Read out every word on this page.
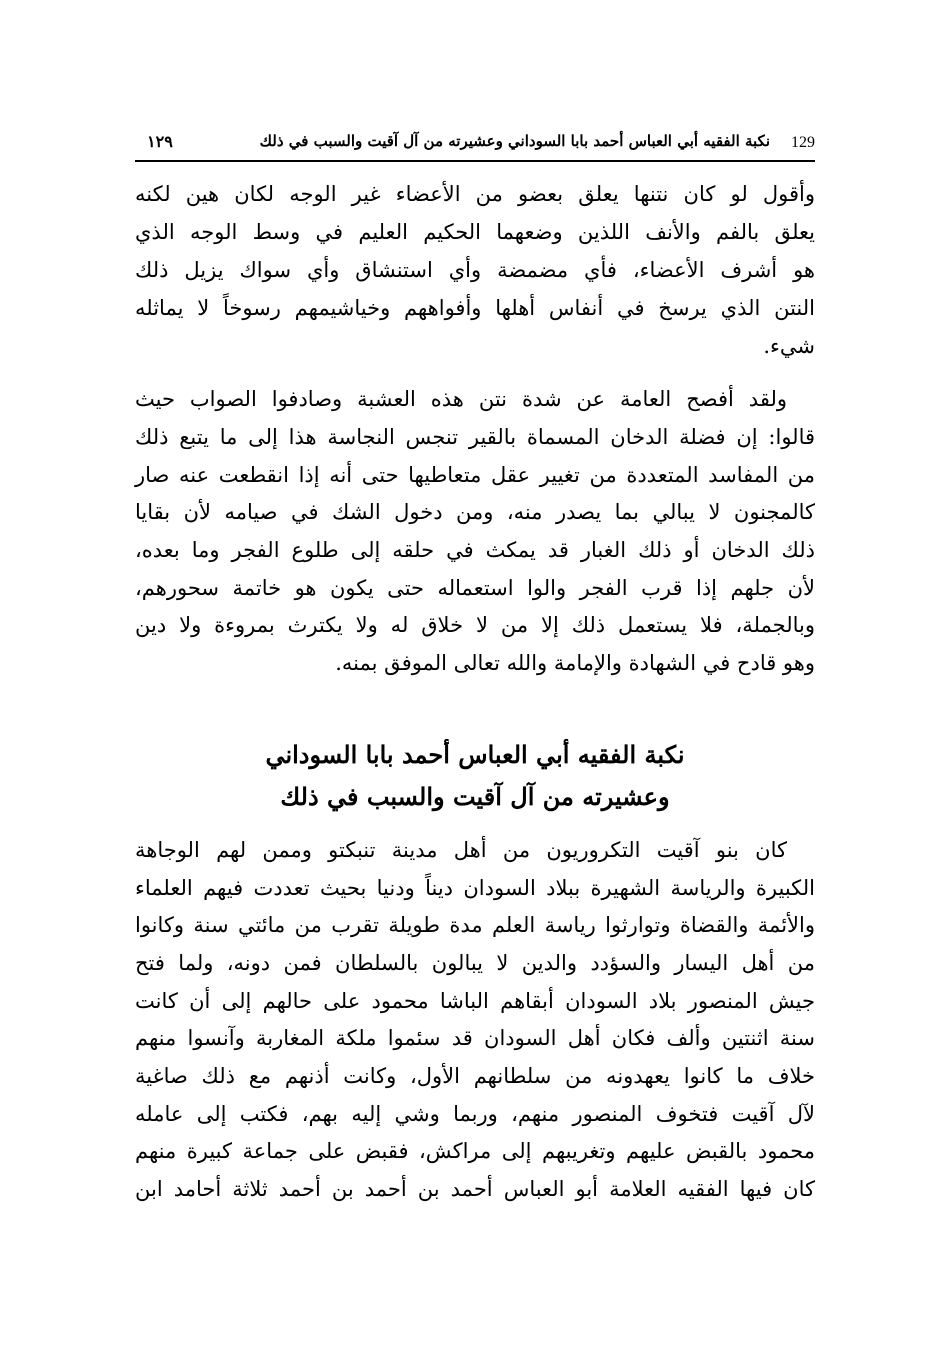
129
نكبة الفقيه أبي العباس أحمد بابا السوداني وعشيرته من آل آقيت والسبب في ذلك
١٢٩
وأقول لو كان نتنها يعلق بعضو من الأعضاء غير الوجه لكان هين لكنه
يعلق بالفم والأنف اللذين وضعهما الحكيم العليم في وسط الوجه الذي
هو أشرف الأعضاء، فأي مضمضة وأي استنشاق وأي سواك يزيل ذلك
النتن الذي يرسخ في أنفاس أهلها وأفواههم وخياشيمهم رسوخاً لا يماثله
شيء.
ولقد أفصح العامة عن شدة نتن هذه العشبة وصادفوا الصواب حيث
قالوا: إن فضلة الدخان المسماة بالقير تنجس النجاسة هذا إلى ما يتبع ذلك
من المفاسد المتعددة من تغيير عقل متعاطيها حتى أنه إذا انقطعت عنه صار
كالمجنون لا يبالي بما يصدر منه، ومن دخول الشك في صيامه لأن بقايا
ذلك الدخان أو ذلك الغبار قد يمكث في حلقه إلى طلوع الفجر وما بعده،
لأن جلهم إذا قرب الفجر والوا استعماله حتى يكون هو خاتمة سحورهم،
وبالجملة، فلا يستعمل ذلك إلا من لا خلاق له ولا يكترث بمروءة ولا دين
وهو قادح في الشهادة والإمامة والله تعالى الموفق بمنه.
نكبة الفقيه أبي العباس أحمد بابا السوداني
وعشيرته من آل آقيت والسبب في ذلك
كان بنو آقيت التكروريون من أهل مدينة تنبكتو وممن لهم الوجاهة
الكبيرة والرياسة الشهيرة ببلاد السودان ديناً ودنيا بحيث تعددت فيهم العلماء
والأئمة والقضاة وتوارثوا رياسة العلم مدة طويلة تقرب من مائتي سنة وكانوا
من أهل اليسار والسؤدد والدين لا يبالون بالسلطان فمن دونه، ولما فتح
جيش المنصور بلاد السودان أبقاهم الباشا محمود على حالهم إلى أن كانت
سنة اثنتين وألف فكان أهل السودان قد سئموا ملكة المغاربة وآنسوا منهم
خلاف ما كانوا يعهدونه من سلطانهم الأول، وكانت أذنهم مع ذلك صاغية
لآل آقيت فتخوف المنصور منهم، وربما وشي إليه بهم، فكتب إلى عامله
محمود بالقبض عليهم وتغريبهم إلى مراكش، فقبض على جماعة كبيرة منهم
كان فيها الفقيه العلامة أبو العباس أحمد بن أحمد بن أحمد ثلاثة أحامد ابن
